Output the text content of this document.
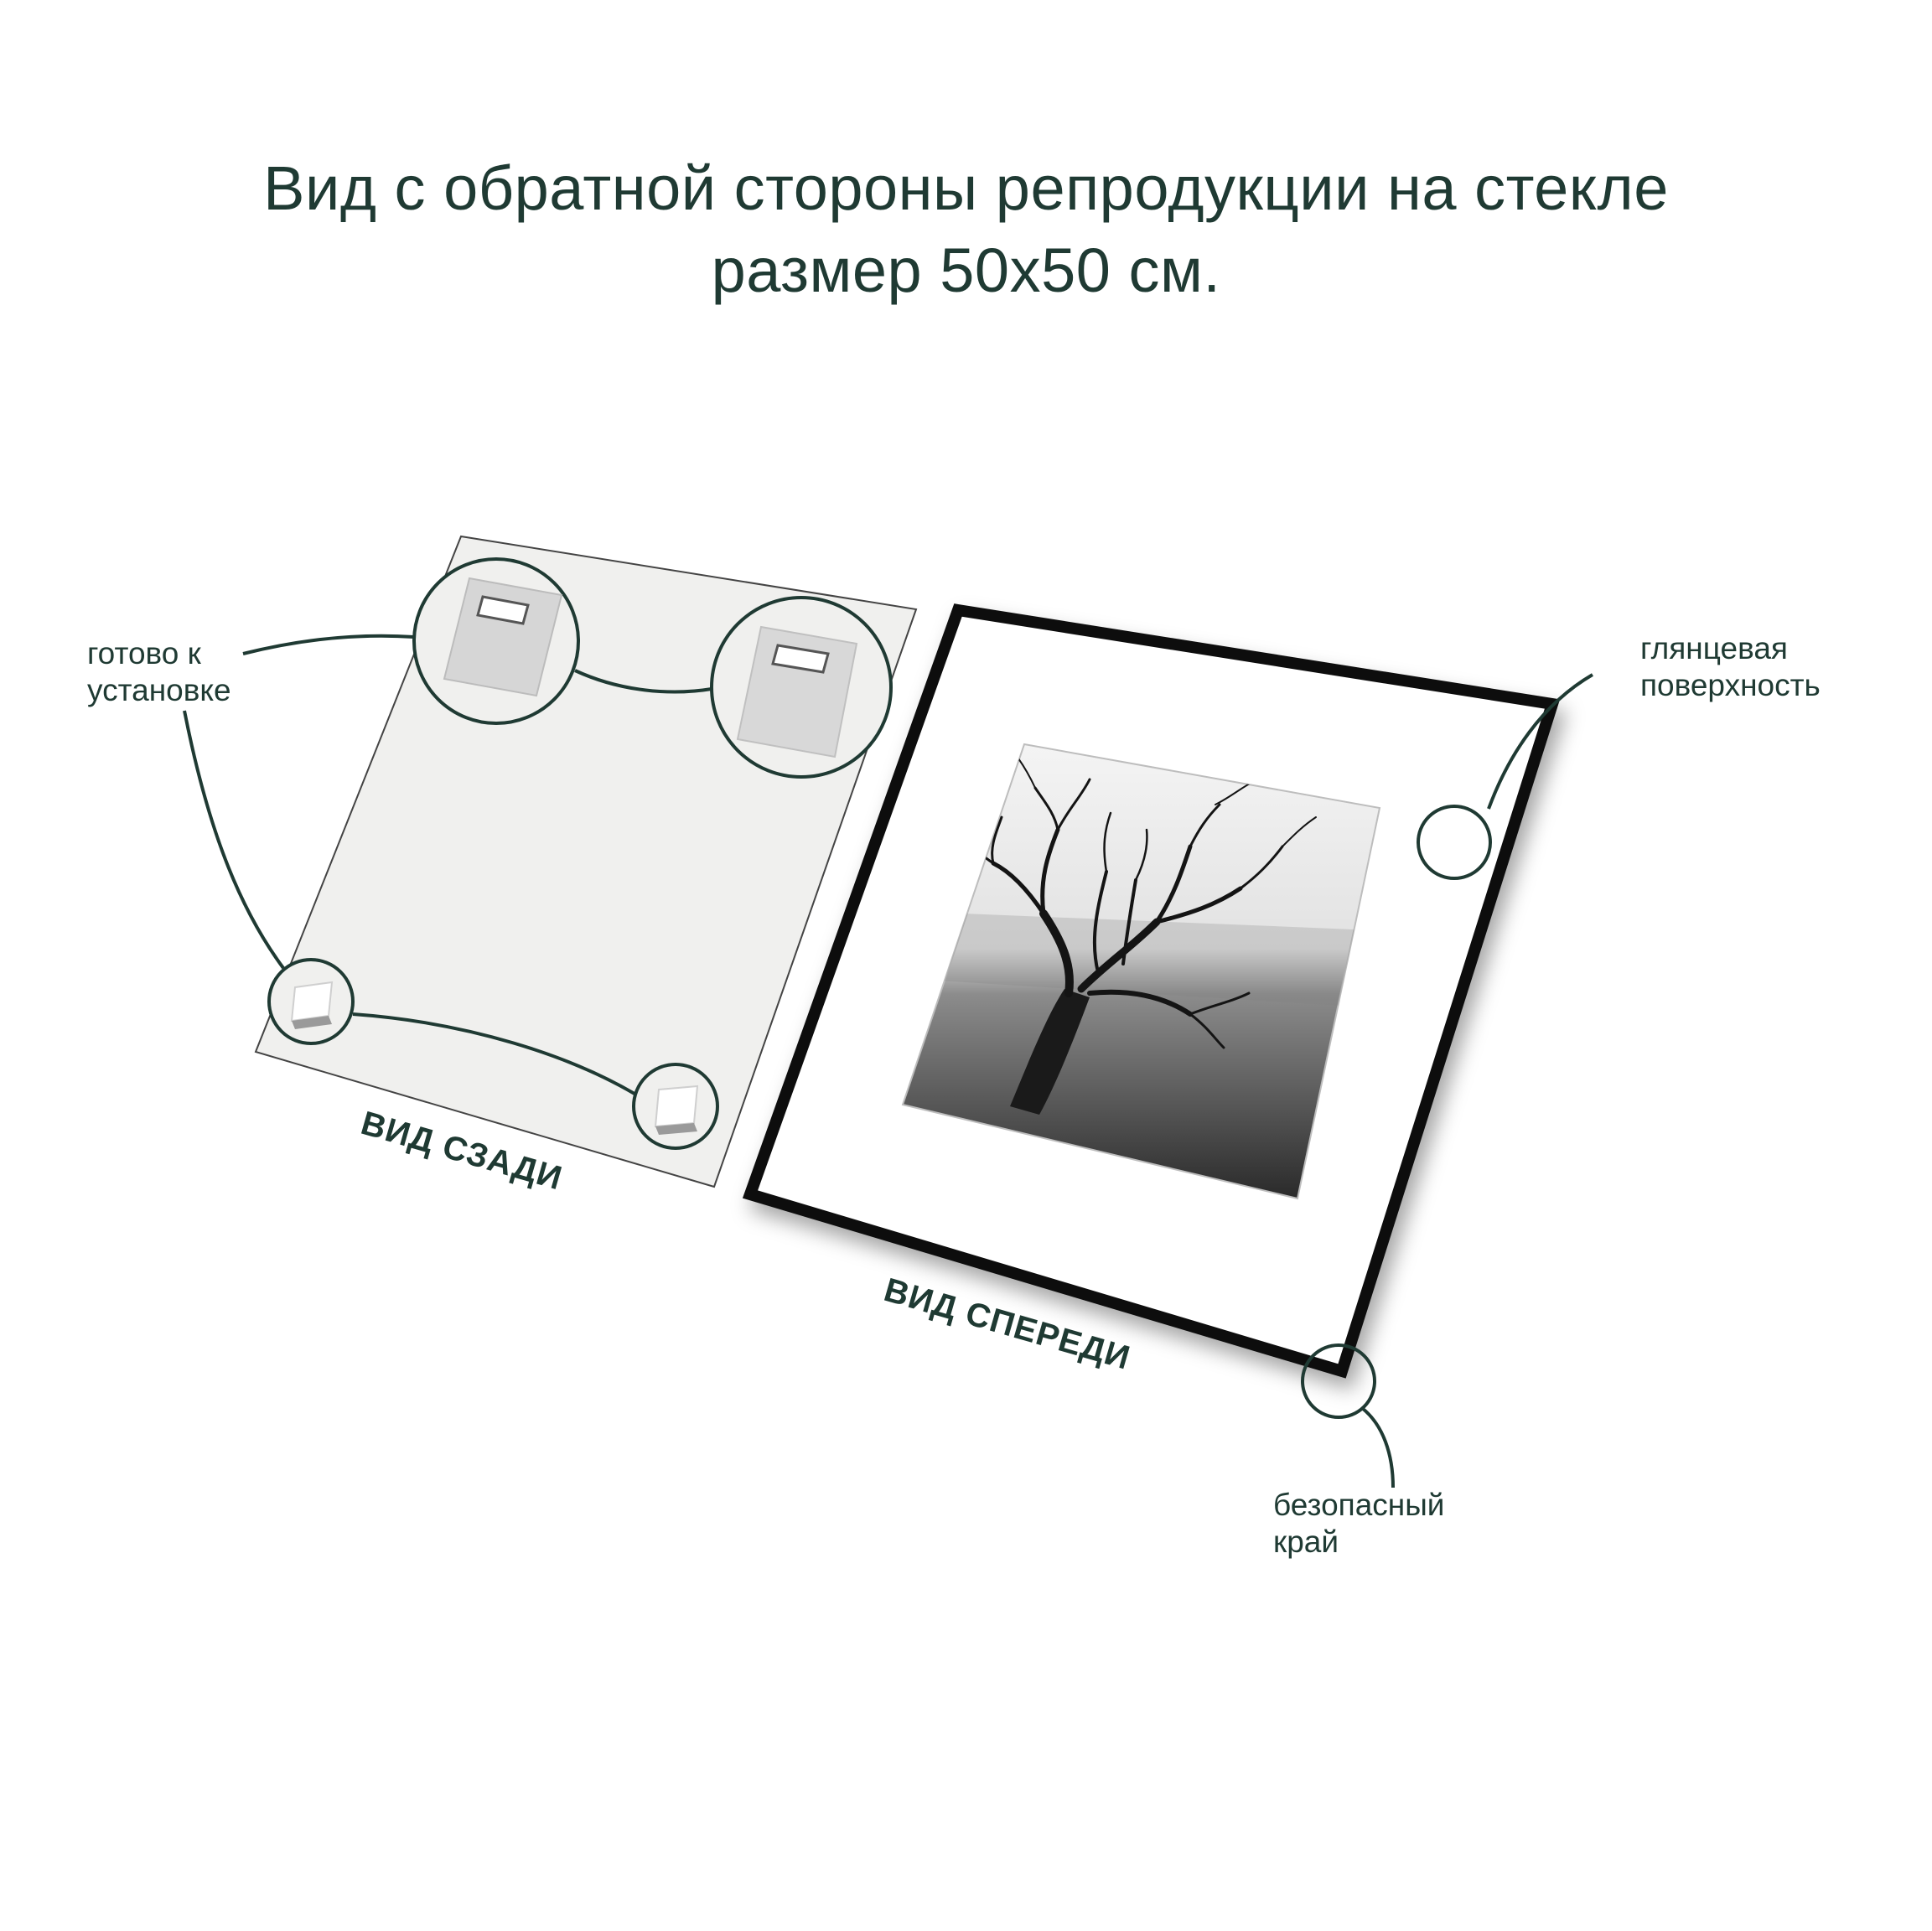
Вид с обратной стороны репродукции на стекле
размер 50х50 см.
готово к
установке
глянцевая
поверхность
безопасный
край
ВИД СЗАДИ
ВИД СПЕРЕДИ
